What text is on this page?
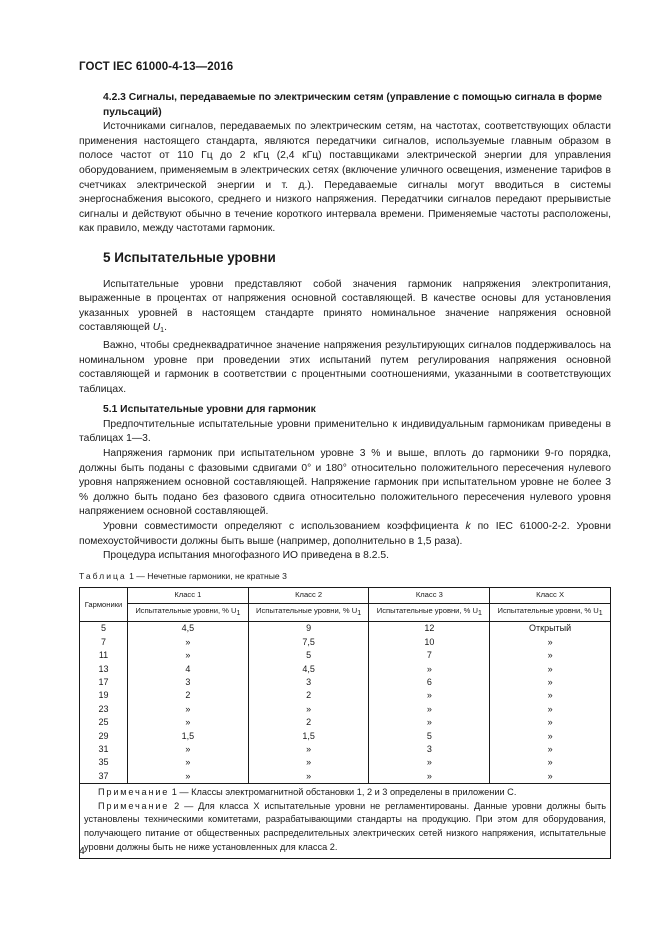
ГОСТ IEC 61000-4-13—2016

4.2.3 Сигналы, передаваемые по электрическим сетям (управление с помощью сигнала в форме пульсаций)

Источниками сигналов, передаваемых по электрическим сетям, на частотах, соответствующих области применения настоящего стандарта, являются передатчики сигналов, используемые главным образом в полосе частот от 110 Гц до 2 кГц (2,4 кГц) поставщиками электрической энергии для управления оборудованием, применяемым в электрических сетях (включение уличного освещения, изменение тарифов в счетчиках электрической энергии и т. д.). Передаваемые сигналы могут вводиться в системы энергоснабжения высокого, среднего и низкого напряжения. Передатчики сигналов передают прерывистые сигналы и действуют обычно в течение короткого интервала времени. Применяемые частоты расположены, как правило, между частотами гармоник.

5 Испытательные уровни

Испытательные уровни представляют собой значения гармоник напряжения электропитания, выраженные в процентах от напряжения основной составляющей. В качестве основы для установления указанных уровней в настоящем стандарте принято номинальное значение напряжения основной составляющей $U_1$.

Важно, чтобы среднеквадратичное значение напряжения результирующих сигналов поддерживалось на номинальном уровне при проведении этих испытаний путем регулирования напряжения основной составляющей и гармоник в соответствии с процентными соотношениями, указанными в соответствующих таблицах.

5.1 Испытательные уровни для гармоник

Предпочтительные испытательные уровни применительно к индивидуальным гармоникам приведены в таблицах 1—3.

Напряжения гармоник при испытательном уровне 3 % и выше, вплоть до гармоники 9-го порядка, должны быть поданы с фазовыми сдвигами 0° и 180° относительно положительного пересечения нулевого уровня напряжением основной составляющей. Напряжение гармоник при испытательном уровне не более 3 % должно быть подано без фазового сдвига относительно положительного пересечения нулевого уровня напряжением основной составляющей.

Уровни совместимости определяют с использованием коэффициента k по IEC 61000-2-2. Уровни помехоустойчивости должны быть выше (например, дополнительно в 1,5 раза).

Процедура испытания многофазного ИО приведена в 8.2.5.

Таблица 1 — Нечетные гармоники, не кратные 3
Гармоники	Класс 1	Класс 2	Класс 3	Класс X
	Испытательные уровни, % $U_1$	Испытательные уровни, % $U_1$	Испытательные уровни, % $U_1$	Испытательные уровни, % $U_1$
5	4,5	9	12	Открытый
7	»	7,5	10	»
11	»	5	7	»
13	4	4,5	»	»
17	3	3	6	»
19	2	2	»	»
23	»	»	»	»
25	»	2	»	»
29	1,5	1,5	5	»
31	»	»	3	»
35	»	»	»	»
37	»	»	»	»

Примечание 1 — Классы электромагнитной обстановки 1, 2 и 3 определены в приложении С.

Примечание 2 — Для класса X испытательные уровни не регламентированы. Данные уровни должны быть установлены техническими комитетами, разрабатывающими стандарты на продукцию. При этом для оборудования, получающего питание от общественных распределительных электрических сетей низкого напряжения, испытательные уровни должны быть не ниже установленных для класса 2.

4
